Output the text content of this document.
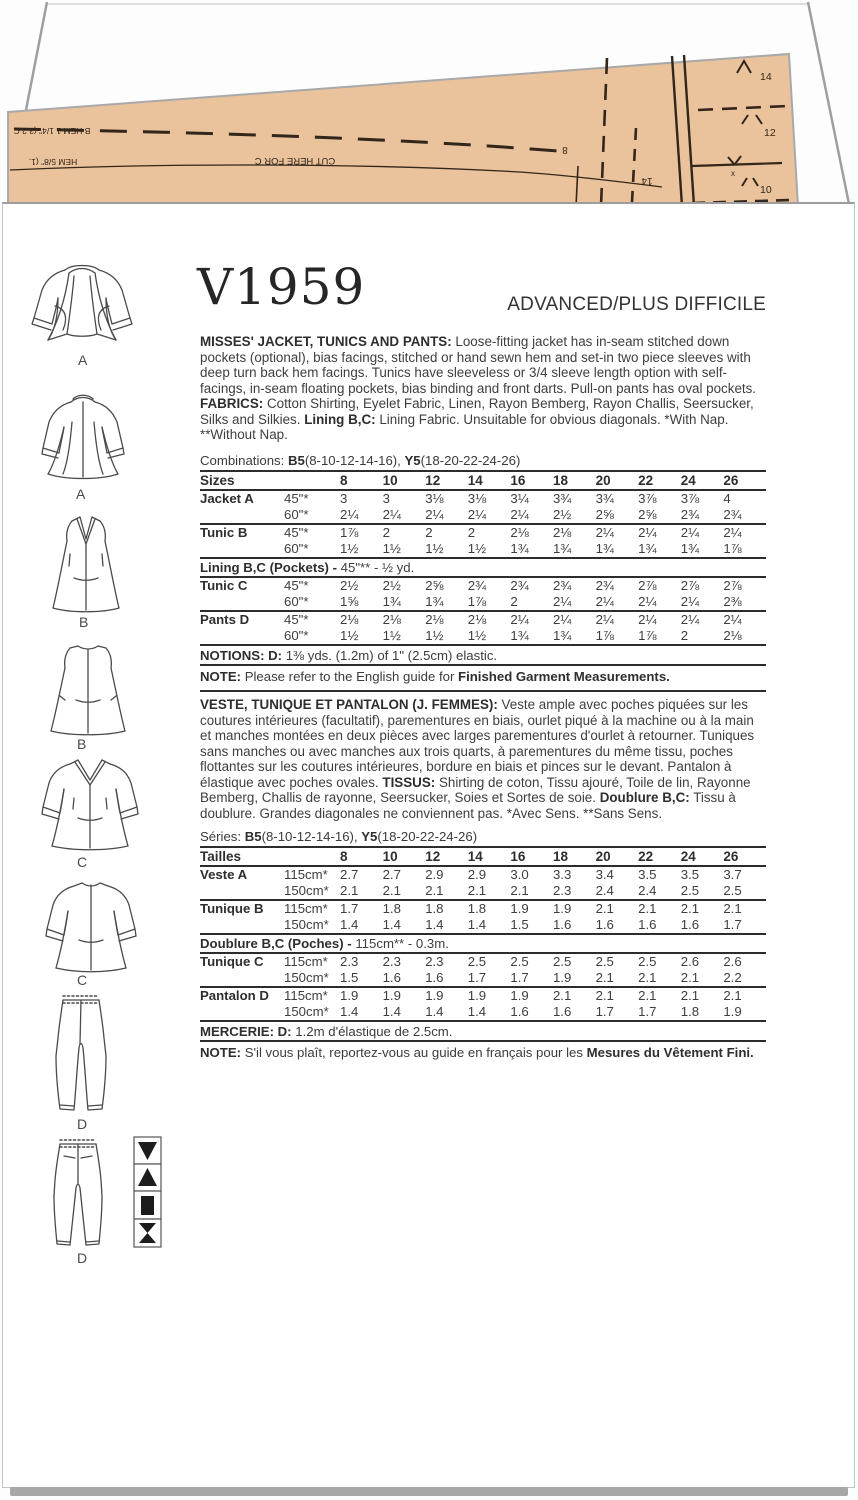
B HEM 1 1/4" (3.2 C
HEM 5/8" (1.	CUT HERE FOR C
8
14
14
12
10
x
A
A
B
B
C
C
D
D
V1959	ADVANCED/PLUS DIFFICILE
MISSES' JACKET, TUNICS AND PANTS: Loose-fitting jacket has in-seam stitched down pockets (optional), bias facings, stitched or hand sewn hem and set-in two piece sleeves with deep turn back hem facings. Tunics have sleeveless or 3/4 sleeve length option with self-facings, in-seam floating pockets, bias binding and front darts. Pull-on pants has oval pockets. FABRICS: Cotton Shirting, Eyelet Fabric, Linen, Rayon Bemberg, Rayon Challis, Seersucker, Silks and Silkies. Lining B,C: Lining Fabric. Unsuitable for obvious diagonals. *With Nap. **Without Nap.
Combinations: B5(8-10-12-14-16), Y5(18-20-22-24-26)
Sizes		8	10	12	14	16	18	20	22	24	26
Jacket A	45"*	3	3	3⅛	3⅛	3¼	3¾	3¾	3⅞	3⅞	4
	60"*	2¼	2¼	2¼	2¼	2¼	2½	2⅝	2⅝	2¾	2¾
Tunic B	45"*	1⅞	2	2	2	2⅛	2⅛	2¼	2¼	2¼	2¼
	60"*	1½	1½	1½	1½	1¾	1¾	1¾	1¾	1¾	1⅞
Lining B,C (Pockets) - 45"** - ½ yd.											
Tunic C	45"*	2½	2½	2⅝	2¾	2¾	2¾	2¾	2⅞	2⅞	2⅞
	60"*	1⅝	1¾	1¾	1⅞	2	2¼	2¼	2¼	2¼	2⅜
Pants D	45"*	2⅛	2⅛	2⅛	2⅛	2¼	2¼	2¼	2¼	2¼	2¼
	60"*	1½	1½	1½	1½	1¾	1¾	1⅞	1⅞	2	2⅛
NOTIONS: D: 1⅜ yds. (1.2m) of 1" (2.5cm) elastic.
NOTE: Please refer to the English guide for Finished Garment Measurements.
VESTE, TUNIQUE ET PANTALON (J. FEMMES): Veste ample avec poches piquées sur les coutures intérieures (facultatif), parementures en biais, ourlet piqué à la machine ou à la main et manches montées en deux pièces avec larges parementures d'ourlet à retourner. Tuniques sans manches ou avec manches aux trois quarts, à parementures du même tissu, poches flottantes sur les coutures intérieures, bordure en biais et pinces sur le devant. Pantalon à élastique avec poches ovales. TISSUS: Shirting de coton, Tissu ajouré, Toile de lin, Rayonne Bemberg, Challis de rayonne, Seersucker, Soies et Sortes de soie. Doublure B,C: Tissu à doublure. Grandes diagonales ne conviennent pas. *Avec Sens. **Sans Sens.
Séries: B5(8-10-12-14-16), Y5(18-20-22-24-26)
Tailles		8	10	12	14	16	18	20	22	24	26
Veste A	115cm*	2.7	2.7	2.9	2.9	3.0	3.3	3.4	3.5	3.5	3.7
	150cm*	2.1	2.1	2.1	2.1	2.1	2.3	2.4	2.4	2.5	2.5
Tunique B	115cm*	1.7	1.8	1.8	1.8	1.9	1.9	2.1	2.1	2.1	2.1
	150cm*	1.4	1.4	1.4	1.4	1.5	1.6	1.6	1.6	1.6	1.7
Doublure B,C (Poches) - 115cm** - 0.3m.											
Tunique C	115cm*	2.3	2.3	2.3	2.5	2.5	2.5	2.5	2.5	2.6	2.6
	150cm*	1.5	1.6	1.6	1.7	1.7	1.9	2.1	2.1	2.1	2.2
Pantalon D	115cm*	1.9	1.9	1.9	1.9	1.9	2.1	2.1	2.1	2.1	2.1
	150cm*	1.4	1.4	1.4	1.4	1.6	1.6	1.7	1.7	1.8	1.9
MERCERIE: D: 1.2m d'élastique de 2.5cm.
NOTE: S'il vous plaît, reportez-vous au guide en français pour les Mesures du Vêtement Fini.
